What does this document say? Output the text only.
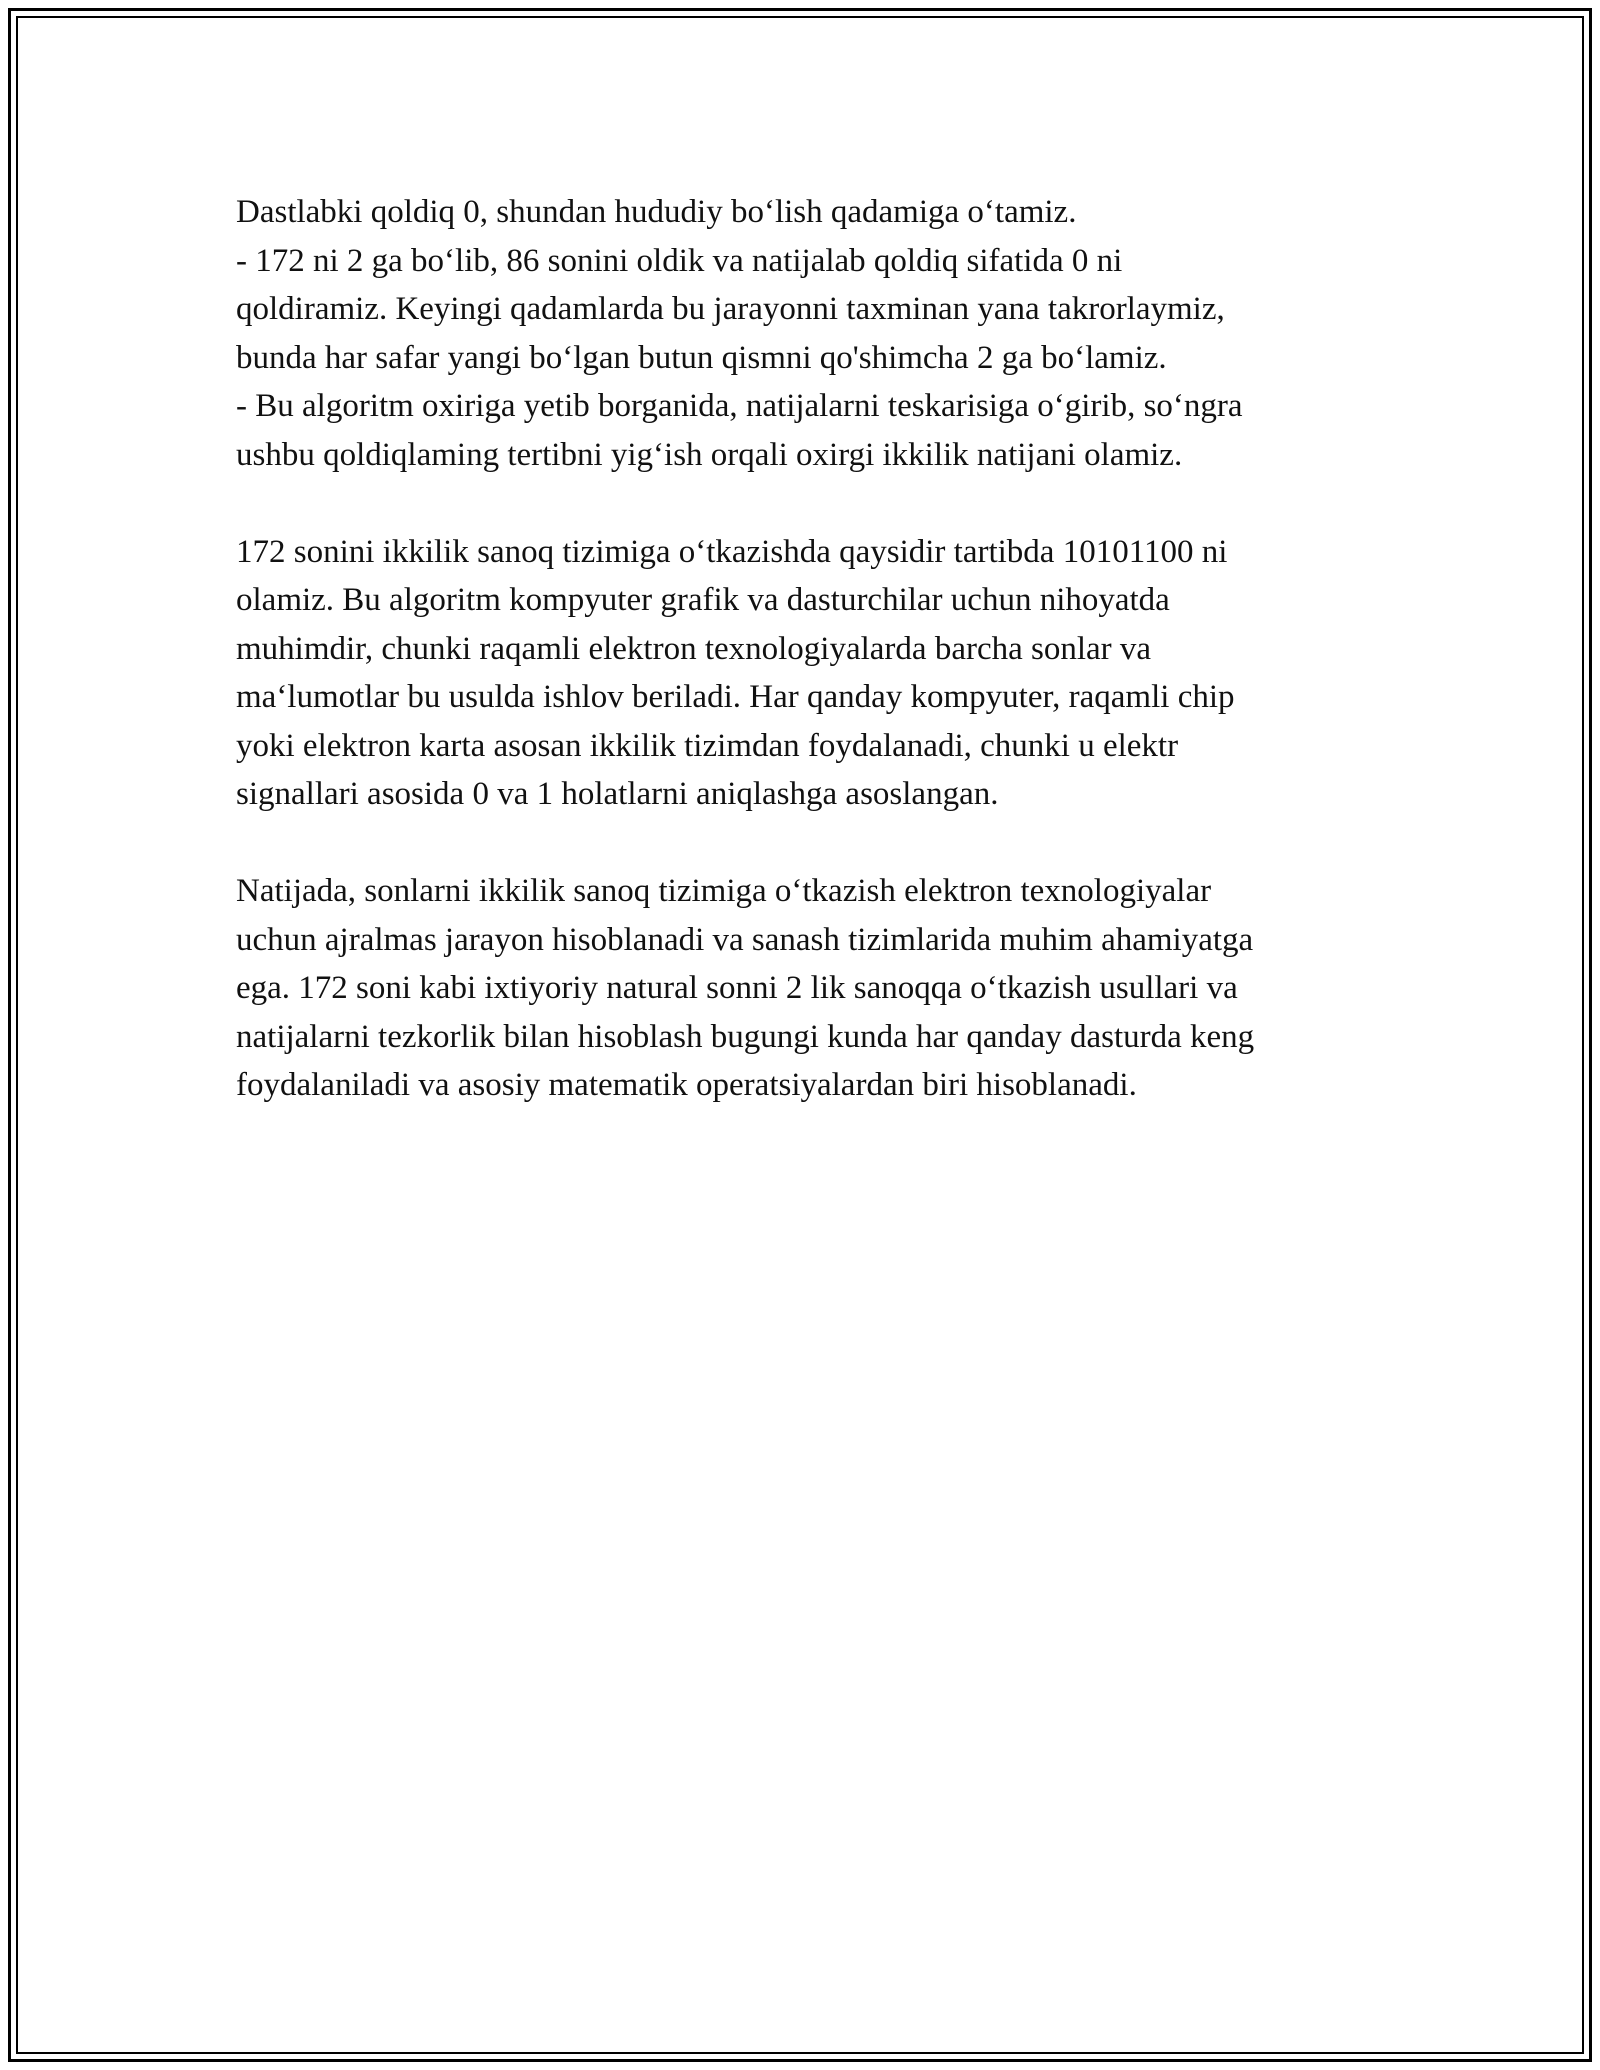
Dastlabki qoldiq 0, shundan hududiy bo‘lish qadamiga o‘tamiz.
- 172 ni 2 ga bo‘lib, 86 sonini oldik va natijalab qoldiq sifatida 0 ni
qoldiramiz. Keyingi qadamlarda bu jarayonni taxminan yana takrorlaymiz,
bunda har safar yangi bo‘lgan butun qismni qo'shimcha 2 ga bo‘lamiz.
- Bu algoritm oxiriga yetib borganida, natijalarni teskarisiga o‘girib, so‘ngra
ushbu qoldiqlaming tertibni yig‘ish orqali oxirgi ikkilik natijani olamiz.
172 sonini ikkilik sanoq tizimiga o‘tkazishda qaysidir tartibda 10101100 ni
olamiz. Bu algoritm kompyuter grafik va dasturchilar uchun nihoyatda
muhimdir, chunki raqamli elektron texnologiyalarda barcha sonlar va
ma‘lumotlar bu usulda ishlov beriladi. Har qanday kompyuter, raqamli chip
yoki elektron karta asosan ikkilik tizimdan foydalanadi, chunki u elektr
signallari asosida 0 va 1 holatlarni aniqlashga asoslangan.
Natijada, sonlarni ikkilik sanoq tizimiga o‘tkazish elektron texnologiyalar
uchun ajralmas jarayon hisoblanadi va sanash tizimlarida muhim ahamiyatga
ega. 172 soni kabi ixtiyoriy natural sonni 2 lik sanoqqa o‘tkazish usullari va
natijalarni tezkorlik bilan hisoblash bugungi kunda har qanday dasturda keng
foydalaniladi va asosiy matematik operatsiyalardan biri hisoblanadi.
